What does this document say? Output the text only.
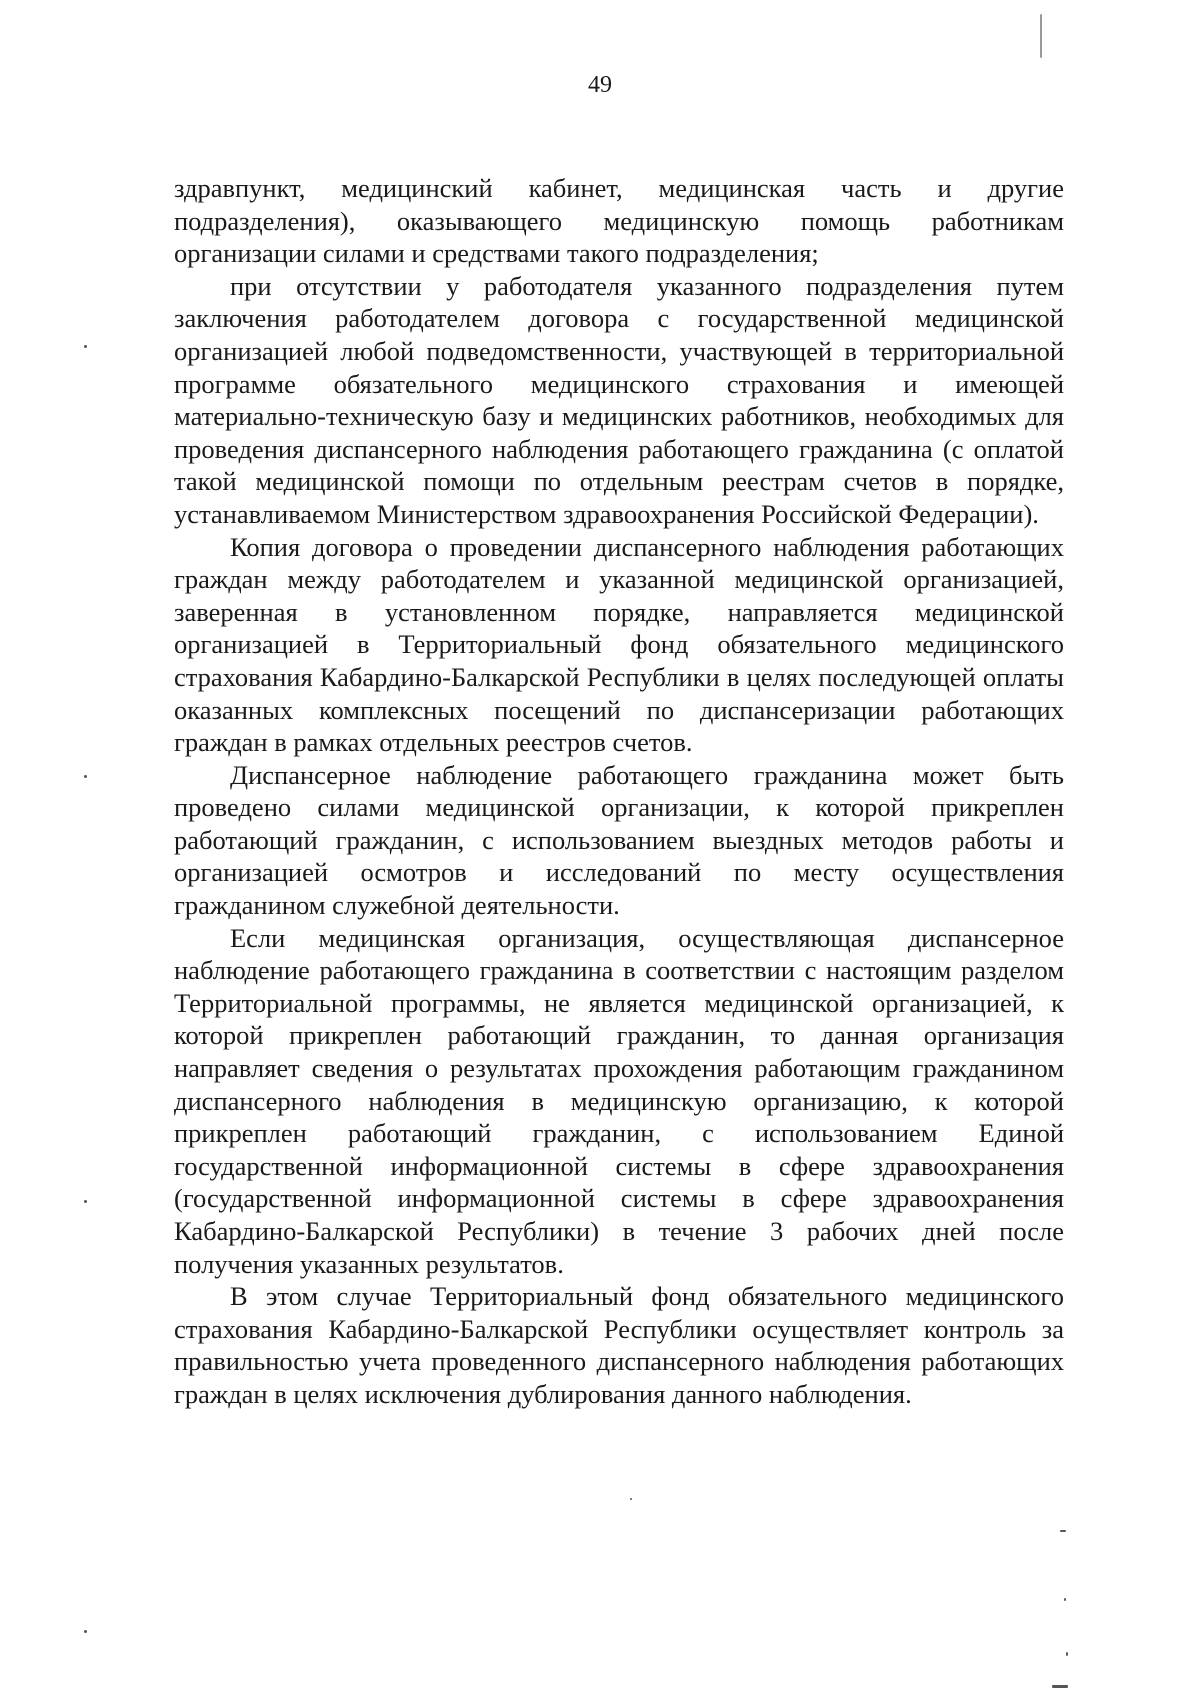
49

здравпункт, медицинский кабинет, медицинская часть и другие подразделения), оказывающего медицинскую помощь работникам организации силами и средствами такого подразделения;

при отсутствии у работодателя указанного подразделения путем заключения работодателем договора с государственной медицинской организацией любой подведомственности, участвующей в территориальной программе обязательного медицинского страхования и имеющей материально-техническую базу и медицинских работников, необходимых для проведения диспансерного наблюдения работающего гражданина (с оплатой такой медицинской помощи по отдельным реестрам счетов в порядке, устанавливаемом Министерством здравоохранения Российской Федерации).

Копия договора о проведении диспансерного наблюдения работающих граждан между работодателем и указанной медицинской организацией, заверенная в установленном порядке, направляется медицинской организацией в Территориальный фонд обязательного медицинского страхования Кабардино-Балкарской Республики в целях последующей оплаты оказанных комплексных посещений по диспансеризации работающих граждан в рамках отдельных реестров счетов.

Диспансерное наблюдение работающего гражданина может быть проведено силами медицинской организации, к которой прикреплен работающий гражданин, с использованием выездных методов работы и организацией осмотров и исследований по месту осуществления гражданином служебной деятельности.

Если медицинская организация, осуществляющая диспансерное наблюдение работающего гражданина в соответствии с настоящим разделом Территориальной программы, не является медицинской организацией, к которой прикреплен работающий гражданин, то данная организация направляет сведения о результатах прохождения работающим гражданином диспансерного наблюдения в медицинскую организацию, к которой прикреплен работающий гражданин, с использованием Единой государственной информационной системы в сфере здравоохранения (государственной информационной системы в сфере здравоохранения Кабардино-Балкарской Республики) в течение 3 рабочих дней после получения указанных результатов.

В этом случае Территориальный фонд обязательного медицинского страхования Кабардино-Балкарской Республики осуществляет контроль за правильностью учета проведенного диспансерного наблюдения работающих граждан в целях исключения дублирования данного наблюдения.
